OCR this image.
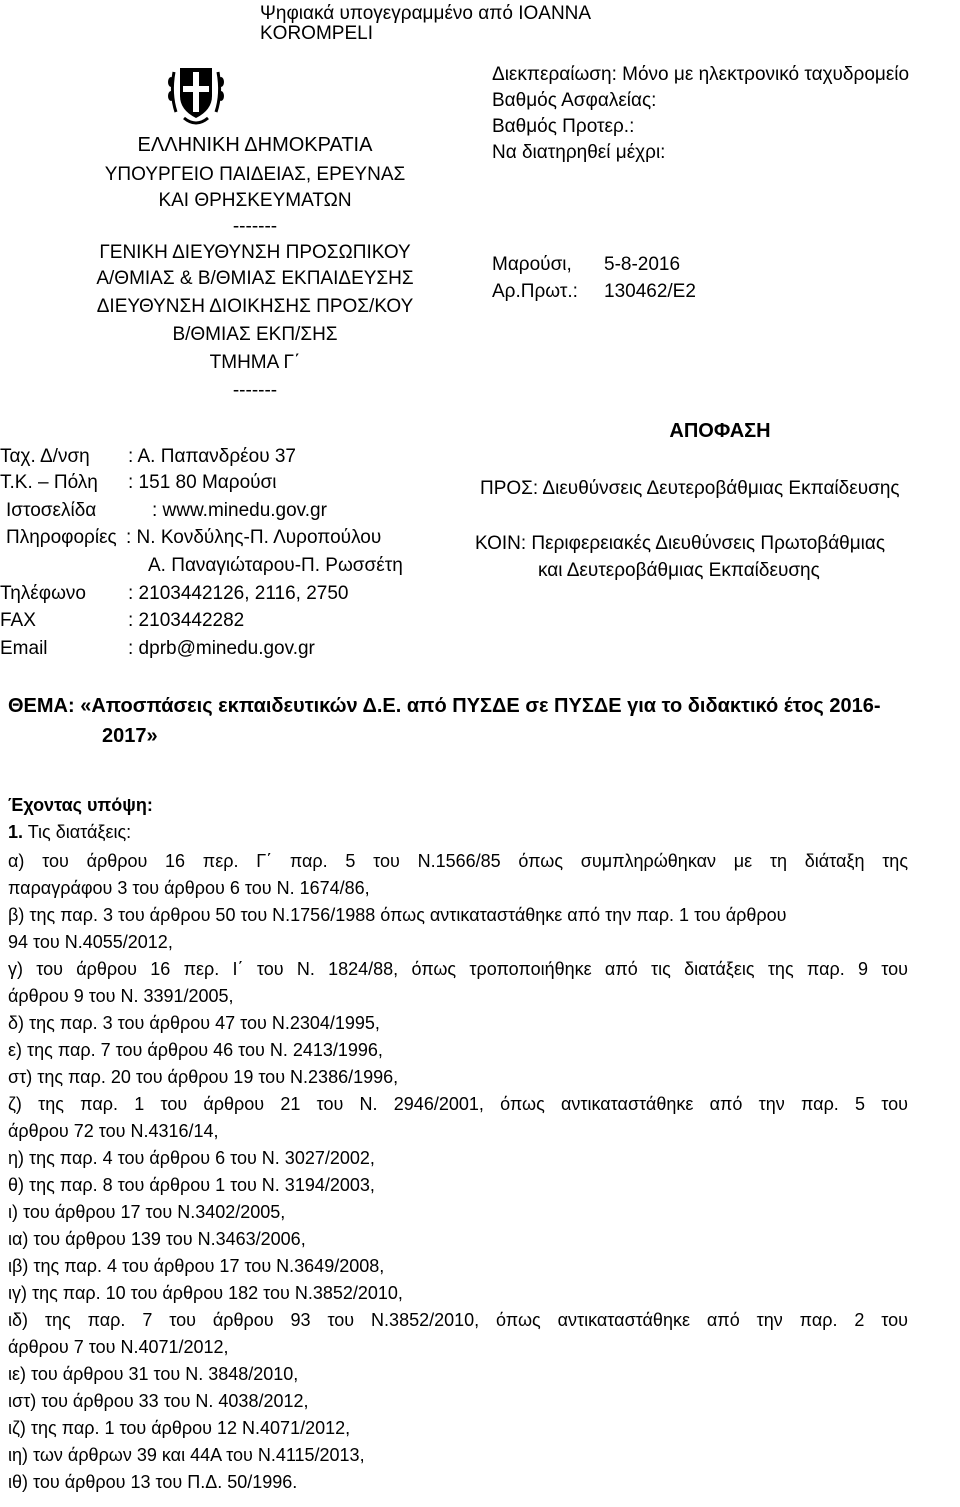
Ψηφιακά υπογεγραμμένο από IOANNA
KOROMPELI
ΕΛΛΗΝΙΚΗ ΔΗΜΟΚΡΑΤΙΑ
ΥΠΟΥΡΓΕΙΟ ΠΑΙΔΕΙΑΣ, ΕΡΕΥΝΑΣ
ΚΑΙ ΘΡΗΣΚΕΥΜΑΤΩΝ
-------
ΓΕΝΙΚΗ ΔΙΕΥΘΥΝΣΗ ΠΡΟΣΩΠΙΚΟΥ
Α/ΘΜΙΑΣ & Β/ΘΜΙΑΣ ΕΚΠΑΙΔΕΥΣΗΣ
ΔΙΕΥΘΥΝΣΗ ΔΙΟΙΚΗΣΗΣ ΠΡΟΣ/ΚΟΥ
Β/ΘΜΙΑΣ ΕΚΠ/ΣΗΣ
ΤΜΗΜΑ Γ΄
-------
Ταχ. Δ/νση : Α. Παπανδρέου 37
Τ.Κ. – Πόλη : 151 80 Μαρούσι
Ιστοσελίδα	: www.minedu.gov.gr
Πληροφορίες : Ν. Κονδύλης-Π. Λυροπούλου
Α. Παναγιώταρου-Π. Ρωσσέτη
Τηλέφωνο : 2103442126, 2116, 2750
FAX	: 2103442282
Email	: dprb@minedu.gov.gr
Διεκπεραίωση: Μόνο με ηλεκτρονικό ταχυδρομείο
Βαθμός Ασφαλείας:
Βαθμός Προτερ.:
Να διατηρηθεί μέχρι:
Μαρούσι, 5-8-2016
Αρ.Πρωτ.: 130462/Ε2
ΑΠΟΦΑΣΗ
ΠΡΟΣ: Διευθύνσεις Δευτεροβάθμιας Εκπαίδευσης
ΚΟΙΝ: Περιφερειακές Διευθύνσεις Πρωτοβάθμιας
και Δευτεροβάθμιας Εκπαίδευσης
ΘΕΜΑ: «Αποσπάσεις εκπαιδευτικών Δ.Ε. από ΠΥΣΔΕ σε ΠΥΣΔΕ για το διδακτικό έτος 2016-
2017»
Έχοντας υπόψη:
1. Τις διατάξεις:
α) του άρθρου 16 περ. Γ΄ παρ. 5 του Ν.1566/85 όπως συμπληρώθηκαν με τη διάταξη της
παραγράφου 3 του άρθρου 6 του Ν. 1674/86,
β) της παρ. 3 του άρθρου 50 του Ν.1756/1988 όπως αντικαταστάθηκε από την παρ. 1 του άρθρου
94 του Ν.4055/2012,
γ) του άρθρου 16 περ. Ι΄ του Ν. 1824/88, όπως τροποποιήθηκε από τις διατάξεις της παρ. 9 του
άρθρου 9 του Ν. 3391/2005,
δ) της παρ. 3 του άρθρου 47 του Ν.2304/1995,
ε) της παρ. 7 του άρθρου 46 του Ν. 2413/1996,
στ) της παρ. 20 του άρθρου 19 του Ν.2386/1996,
ζ) της παρ. 1 του άρθρου 21 του Ν. 2946/2001, όπως αντικαταστάθηκε από την παρ. 5 του
άρθρου 72 του Ν.4316/14,
η) της παρ. 4 του άρθρου 6 του Ν. 3027/2002,
θ) της παρ. 8 του άρθρου 1 του Ν. 3194/2003,
ι) του άρθρου 17 του Ν.3402/2005,
ια) του άρθρου 139 του Ν.3463/2006,
ιβ) της παρ. 4 του άρθρου 17 του Ν.3649/2008,
ιγ) της παρ. 10 του άρθρου 182 του Ν.3852/2010,
ιδ) της παρ. 7 του άρθρου 93 του Ν.3852/2010, όπως αντικαταστάθηκε από την παρ. 2 του
άρθρου 7 του Ν.4071/2012,
ιε) του άρθρου 31 του Ν. 3848/2010,
ιστ) του άρθρου 33 του Ν. 4038/2012,
ιζ) της παρ. 1 του άρθρου 12 Ν.4071/2012,
ιη) των άρθρων 39 και 44Α του Ν.4115/2013,
ιθ) του άρθρου 13 του Π.Δ. 50/1996.
